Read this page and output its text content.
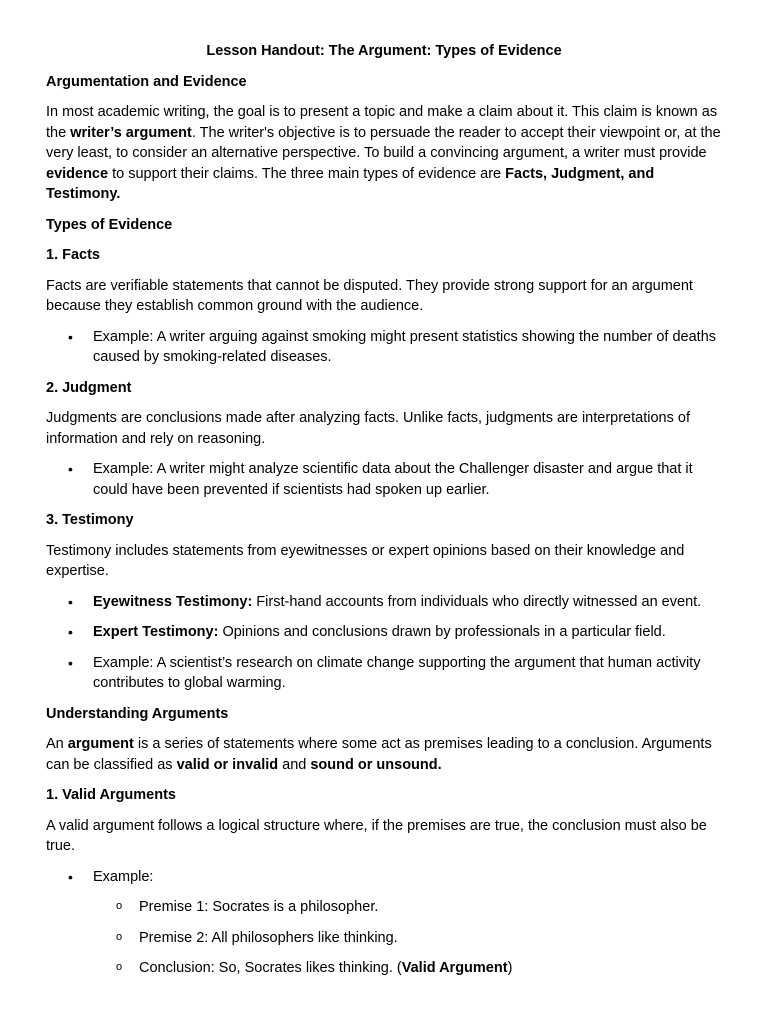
Lesson Handout: The Argument: Types of Evidence
Argumentation and Evidence

In most academic writing, the goal is to present a topic and make a claim about it. This claim is known as the writer’s argument. The writer's objective is to persuade the reader to accept their viewpoint or, at the very least, to consider an alternative perspective. To build a convincing argument, a writer must provide evidence to support their claims. The three main types of evidence are Facts, Judgment, and Testimony.

Types of Evidence
1. Facts

Facts are verifiable statements that cannot be disputed. They provide strong support for an argument because they establish common ground with the audience.

• Example: A writer arguing against smoking might present statistics showing the number of deaths caused by smoking-related diseases.
2. Judgment

Judgments are conclusions made after analyzing facts. Unlike facts, judgments are interpretations of information and rely on reasoning.

• Example: A writer might analyze scientific data about the Challenger disaster and argue that it could have been prevented if scientists had spoken up earlier.
3. Testimony

Testimony includes statements from eyewitnesses or expert opinions based on their knowledge and expertise.

• Eyewitness Testimony: First-hand accounts from individuals who directly witnessed an event.
• Expert Testimony: Opinions and conclusions drawn by professionals in a particular field.
• Example: A scientist’s research on climate change supporting the argument that human activity contributes to global warming.
Understanding Arguments

An argument is a series of statements where some act as premises leading to a conclusion. Arguments can be classified as valid or invalid and sound or unsound.

1. Valid Arguments

A valid argument follows a logical structure where, if the premises are true, the conclusion must also be true.

• Example:
o Premise 1: Socrates is a philosopher.
o Premise 2: All philosophers like thinking.
o Conclusion: So, Socrates likes thinking. (Valid Argument)
